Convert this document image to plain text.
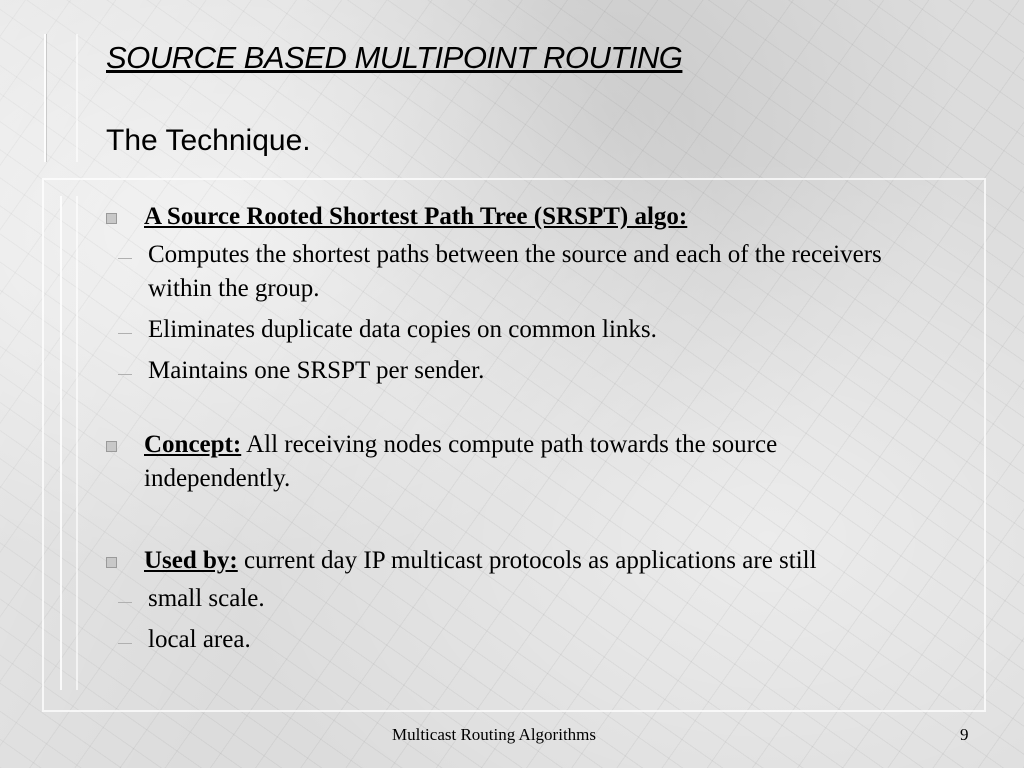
SOURCE BASED MULTIPOINT ROUTING
The Technique.
A Source Rooted Shortest Path Tree (SRSPT) algo:
Computes the shortest paths between the source and each of the receivers within the group.
Eliminates duplicate data copies on common links.
Maintains one SRSPT per sender.
Concept: All receiving nodes compute path towards the source independently.
Used by: current day IP multicast protocols as applications are still
small scale.
local area.
Multicast Routing Algorithms	9
